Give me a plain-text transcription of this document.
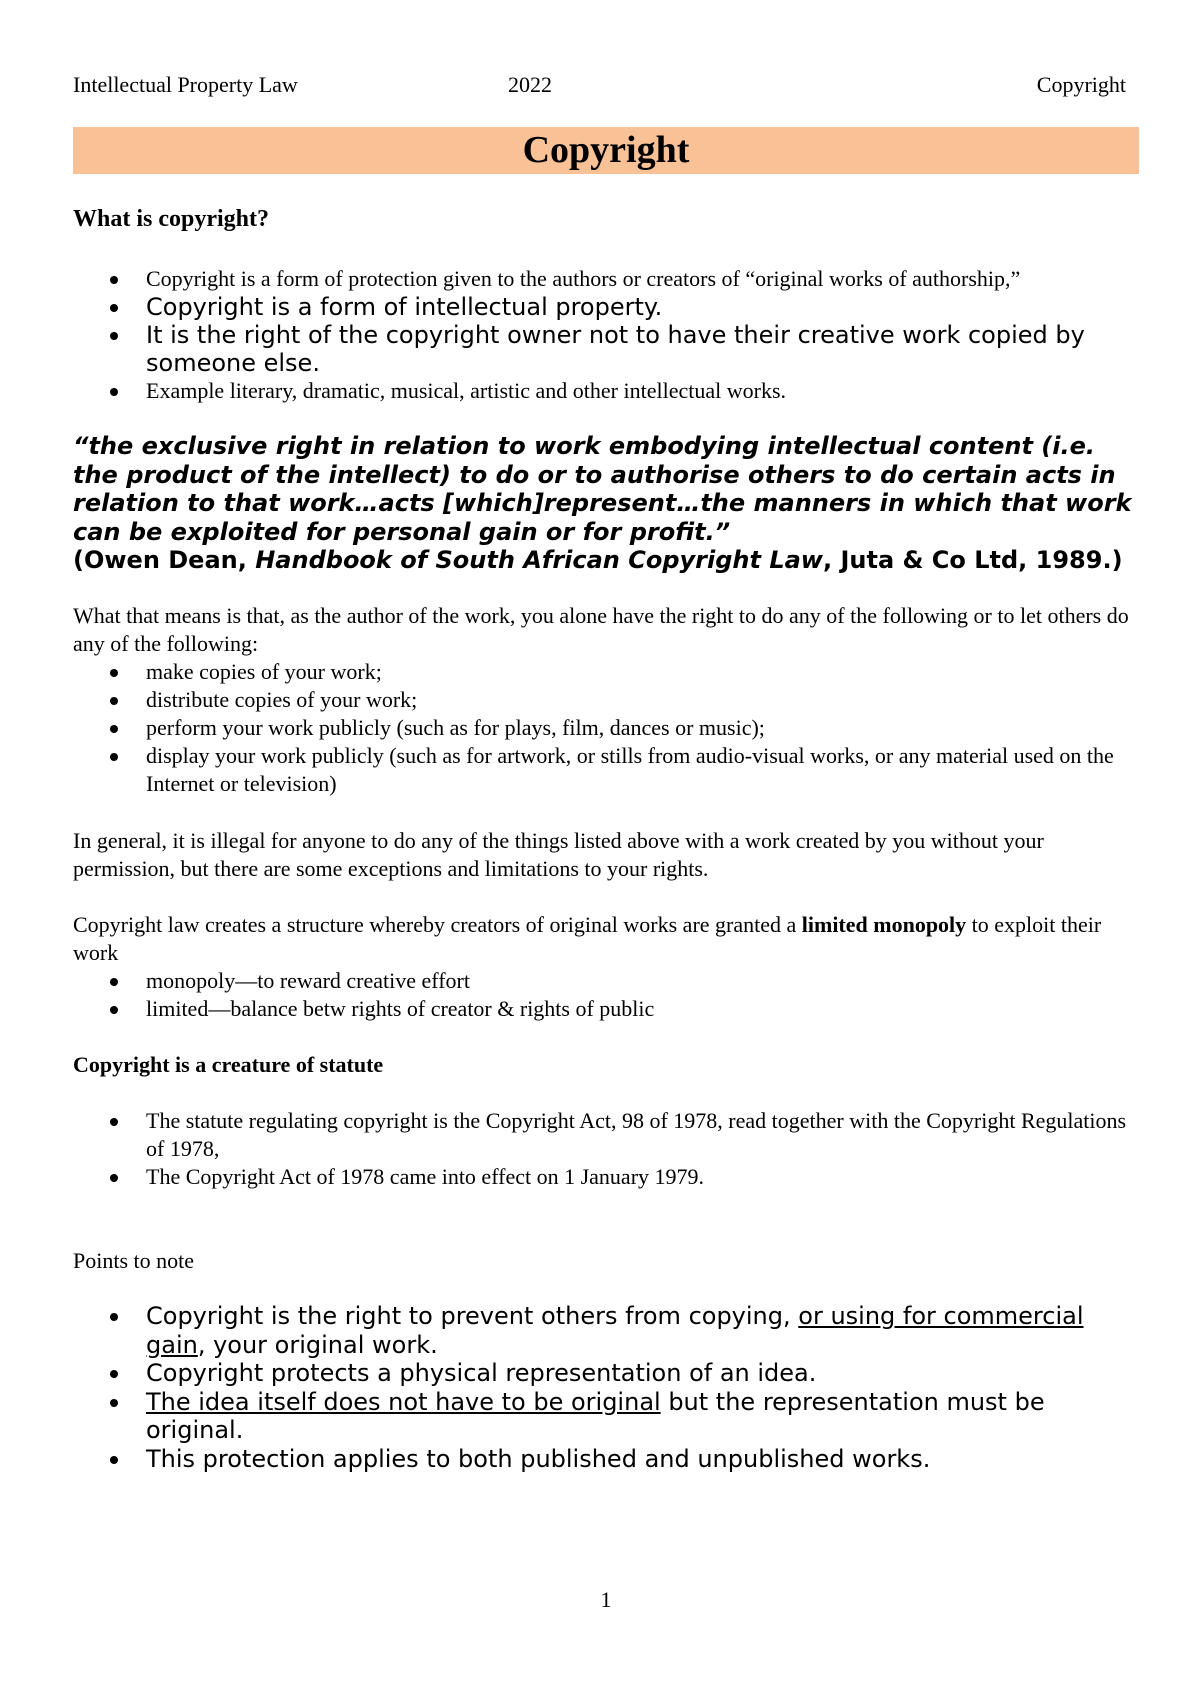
Intellectual Property Law	2022	Copyright
Copyright
What is copyright?
Copyright is a form of protection given to the authors or creators of “original works of authorship,”
Copyright is a form of intellectual property.
It is the right of the copyright owner not to have their creative work copied by someone else.
Example literary, dramatic, musical, artistic and other intellectual works.
“the exclusive right in relation to work embodying intellectual content (i.e. the product of the intellect) to do or to authorise others to do certain acts in relation to that work…acts [which]represent…the manners in which that work can be exploited for personal gain or for profit.”
(Owen Dean, Handbook of South African Copyright Law, Juta & Co Ltd, 1989.)
What that means is that, as the author of the work, you alone have the right to do any of the following or to let others do any of the following:
make copies of your work;
distribute copies of your work;
perform your work publicly (such as for plays, film, dances or music);
display your work publicly (such as for artwork, or stills from audio-visual works, or any material used on the Internet or television)
In general, it is illegal for anyone to do any of the things listed above with a work created by you without your permission, but there are some exceptions and limitations to your rights.
Copyright law creates a structure whereby creators of original works are granted a limited monopoly to exploit their work
monopoly—to reward creative effort
limited—balance betw rights of creator & rights of public
Copyright is a creature of statute
The statute regulating copyright is the Copyright Act, 98 of 1978, read together with the Copyright Regulations of 1978,
The Copyright Act of 1978 came into effect on 1 January 1979.
Points to note
Copyright is the right to prevent others from copying, or using for commercial gain, your original work.
Copyright protects a physical representation of an idea.
The idea itself does not have to be original but the representation must be original.
This protection applies to both published and unpublished works.
1
